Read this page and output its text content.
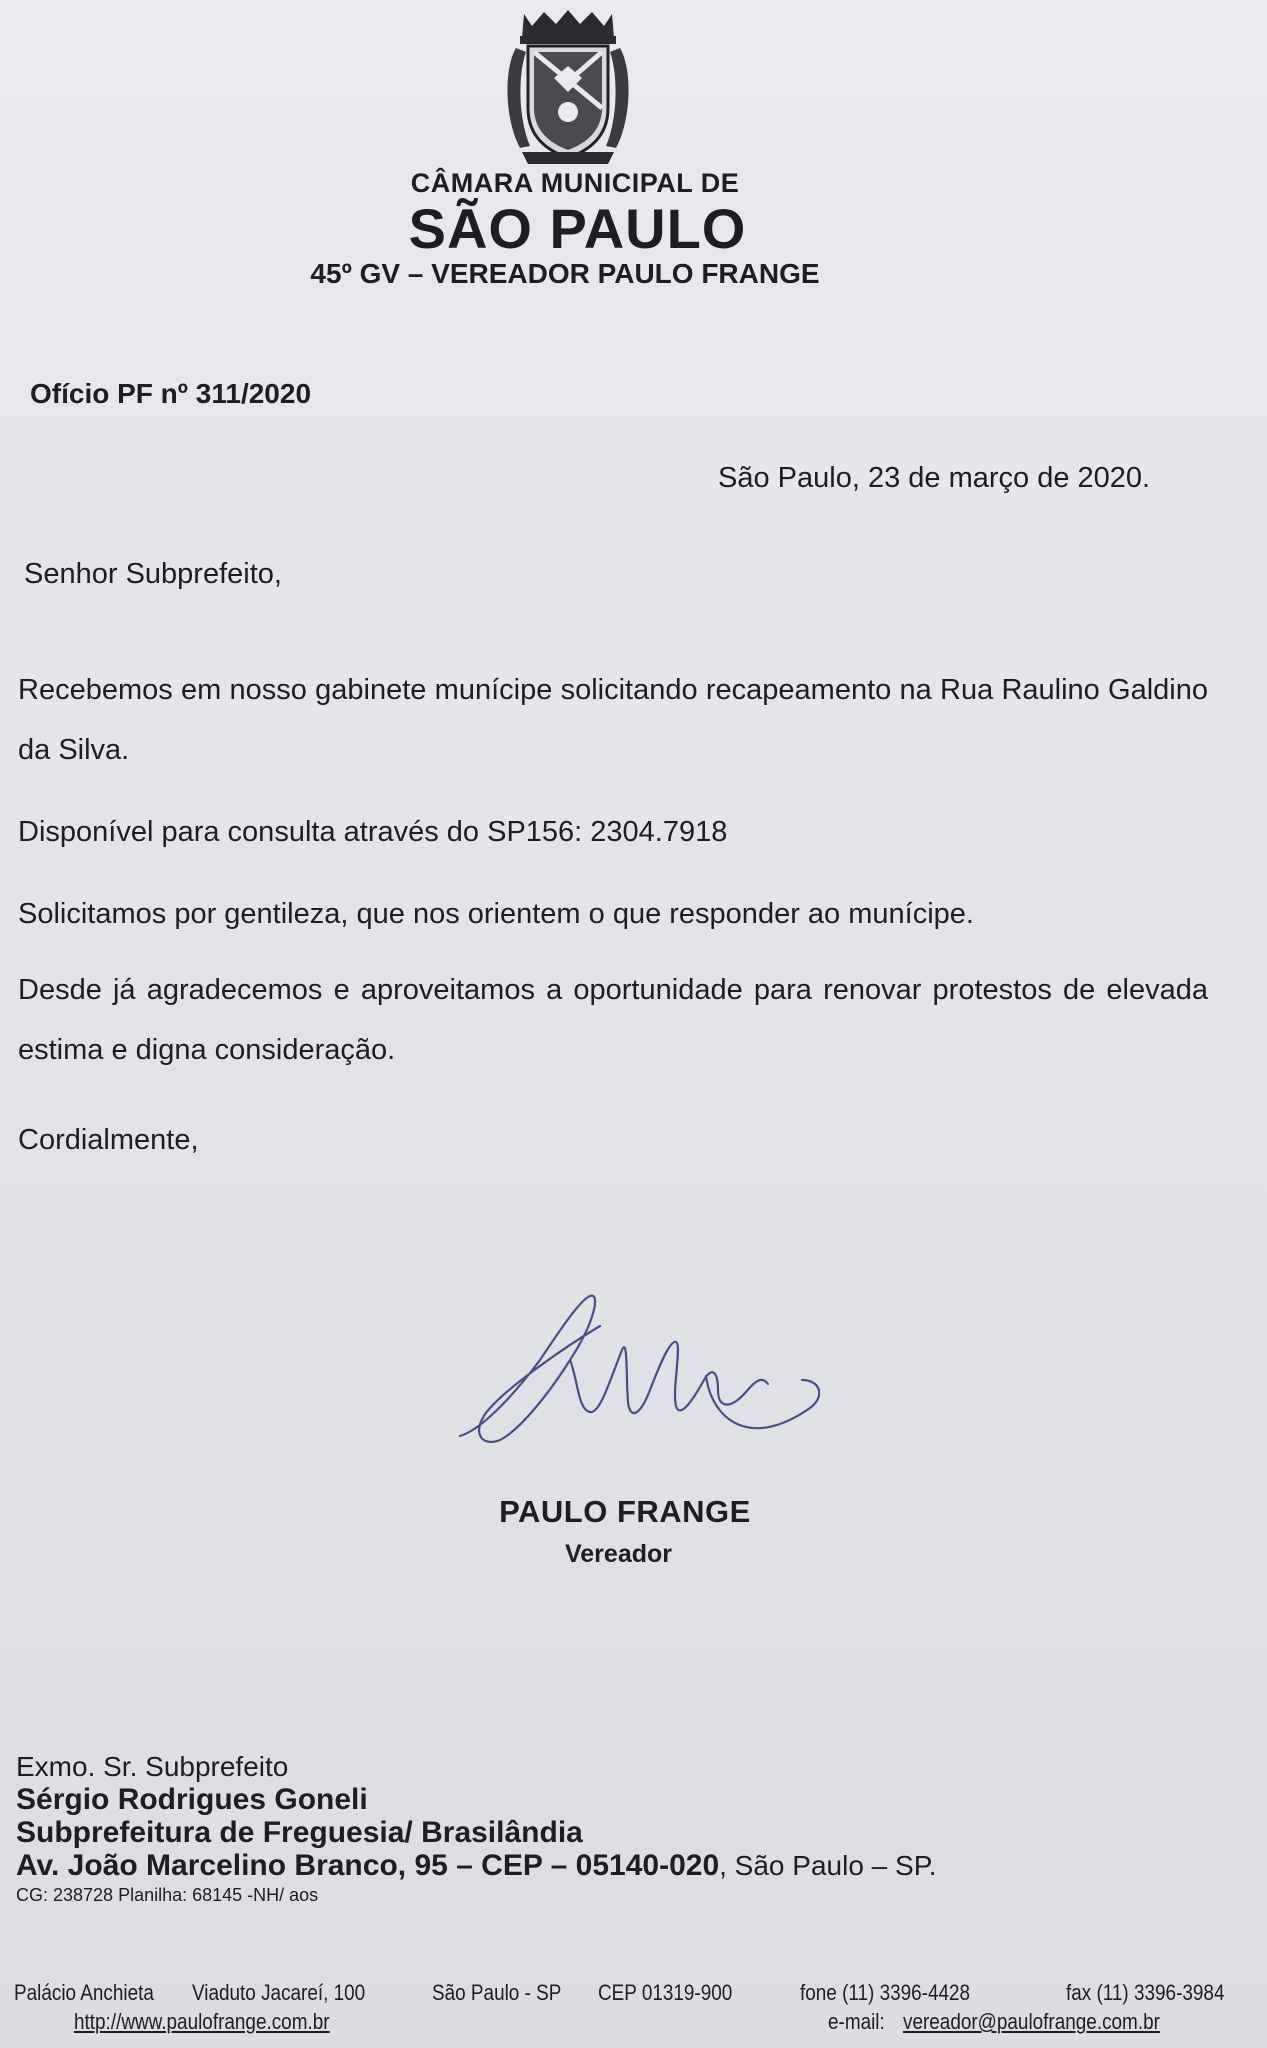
CÂMARA MUNICIPAL DE
SÃO PAULO
45º GV – VEREADOR PAULO FRANGE
Ofício PF nº 311/2020
São Paulo, 23 de março de 2020.
Senhor Subprefeito,
Recebemos em nosso gabinete munícipe solicitando recapeamento na Rua Raulino Galdino da Silva.
Disponível para consulta através do SP156: 2304.7918
Solicitamos por gentileza, que nos orientem o que responder ao munícipe.
Desde já agradecemos e aproveitamos a oportunidade para renovar protestos de elevada estima e digna consideração.
Cordialmente,
PAULO FRANGE
Vereador
Exmo. Sr. Subprefeito
Sérgio Rodrigues Goneli
Subprefeitura de Freguesia/ Brasilândia
Av. João Marcelino Branco, 95 – CEP – 05140-020, São Paulo – SP.
CG: 238728 Planilha: 68145 -NH/ aos
Palácio Anchieta Viaduto Jacareí, 100	São Paulo - SP CEP 01319-900	fone (11) 3396-4428	fax (11) 3396-3984
http://www.paulofrange.com.br	e-mail: vereador@paulofrange.com.br
